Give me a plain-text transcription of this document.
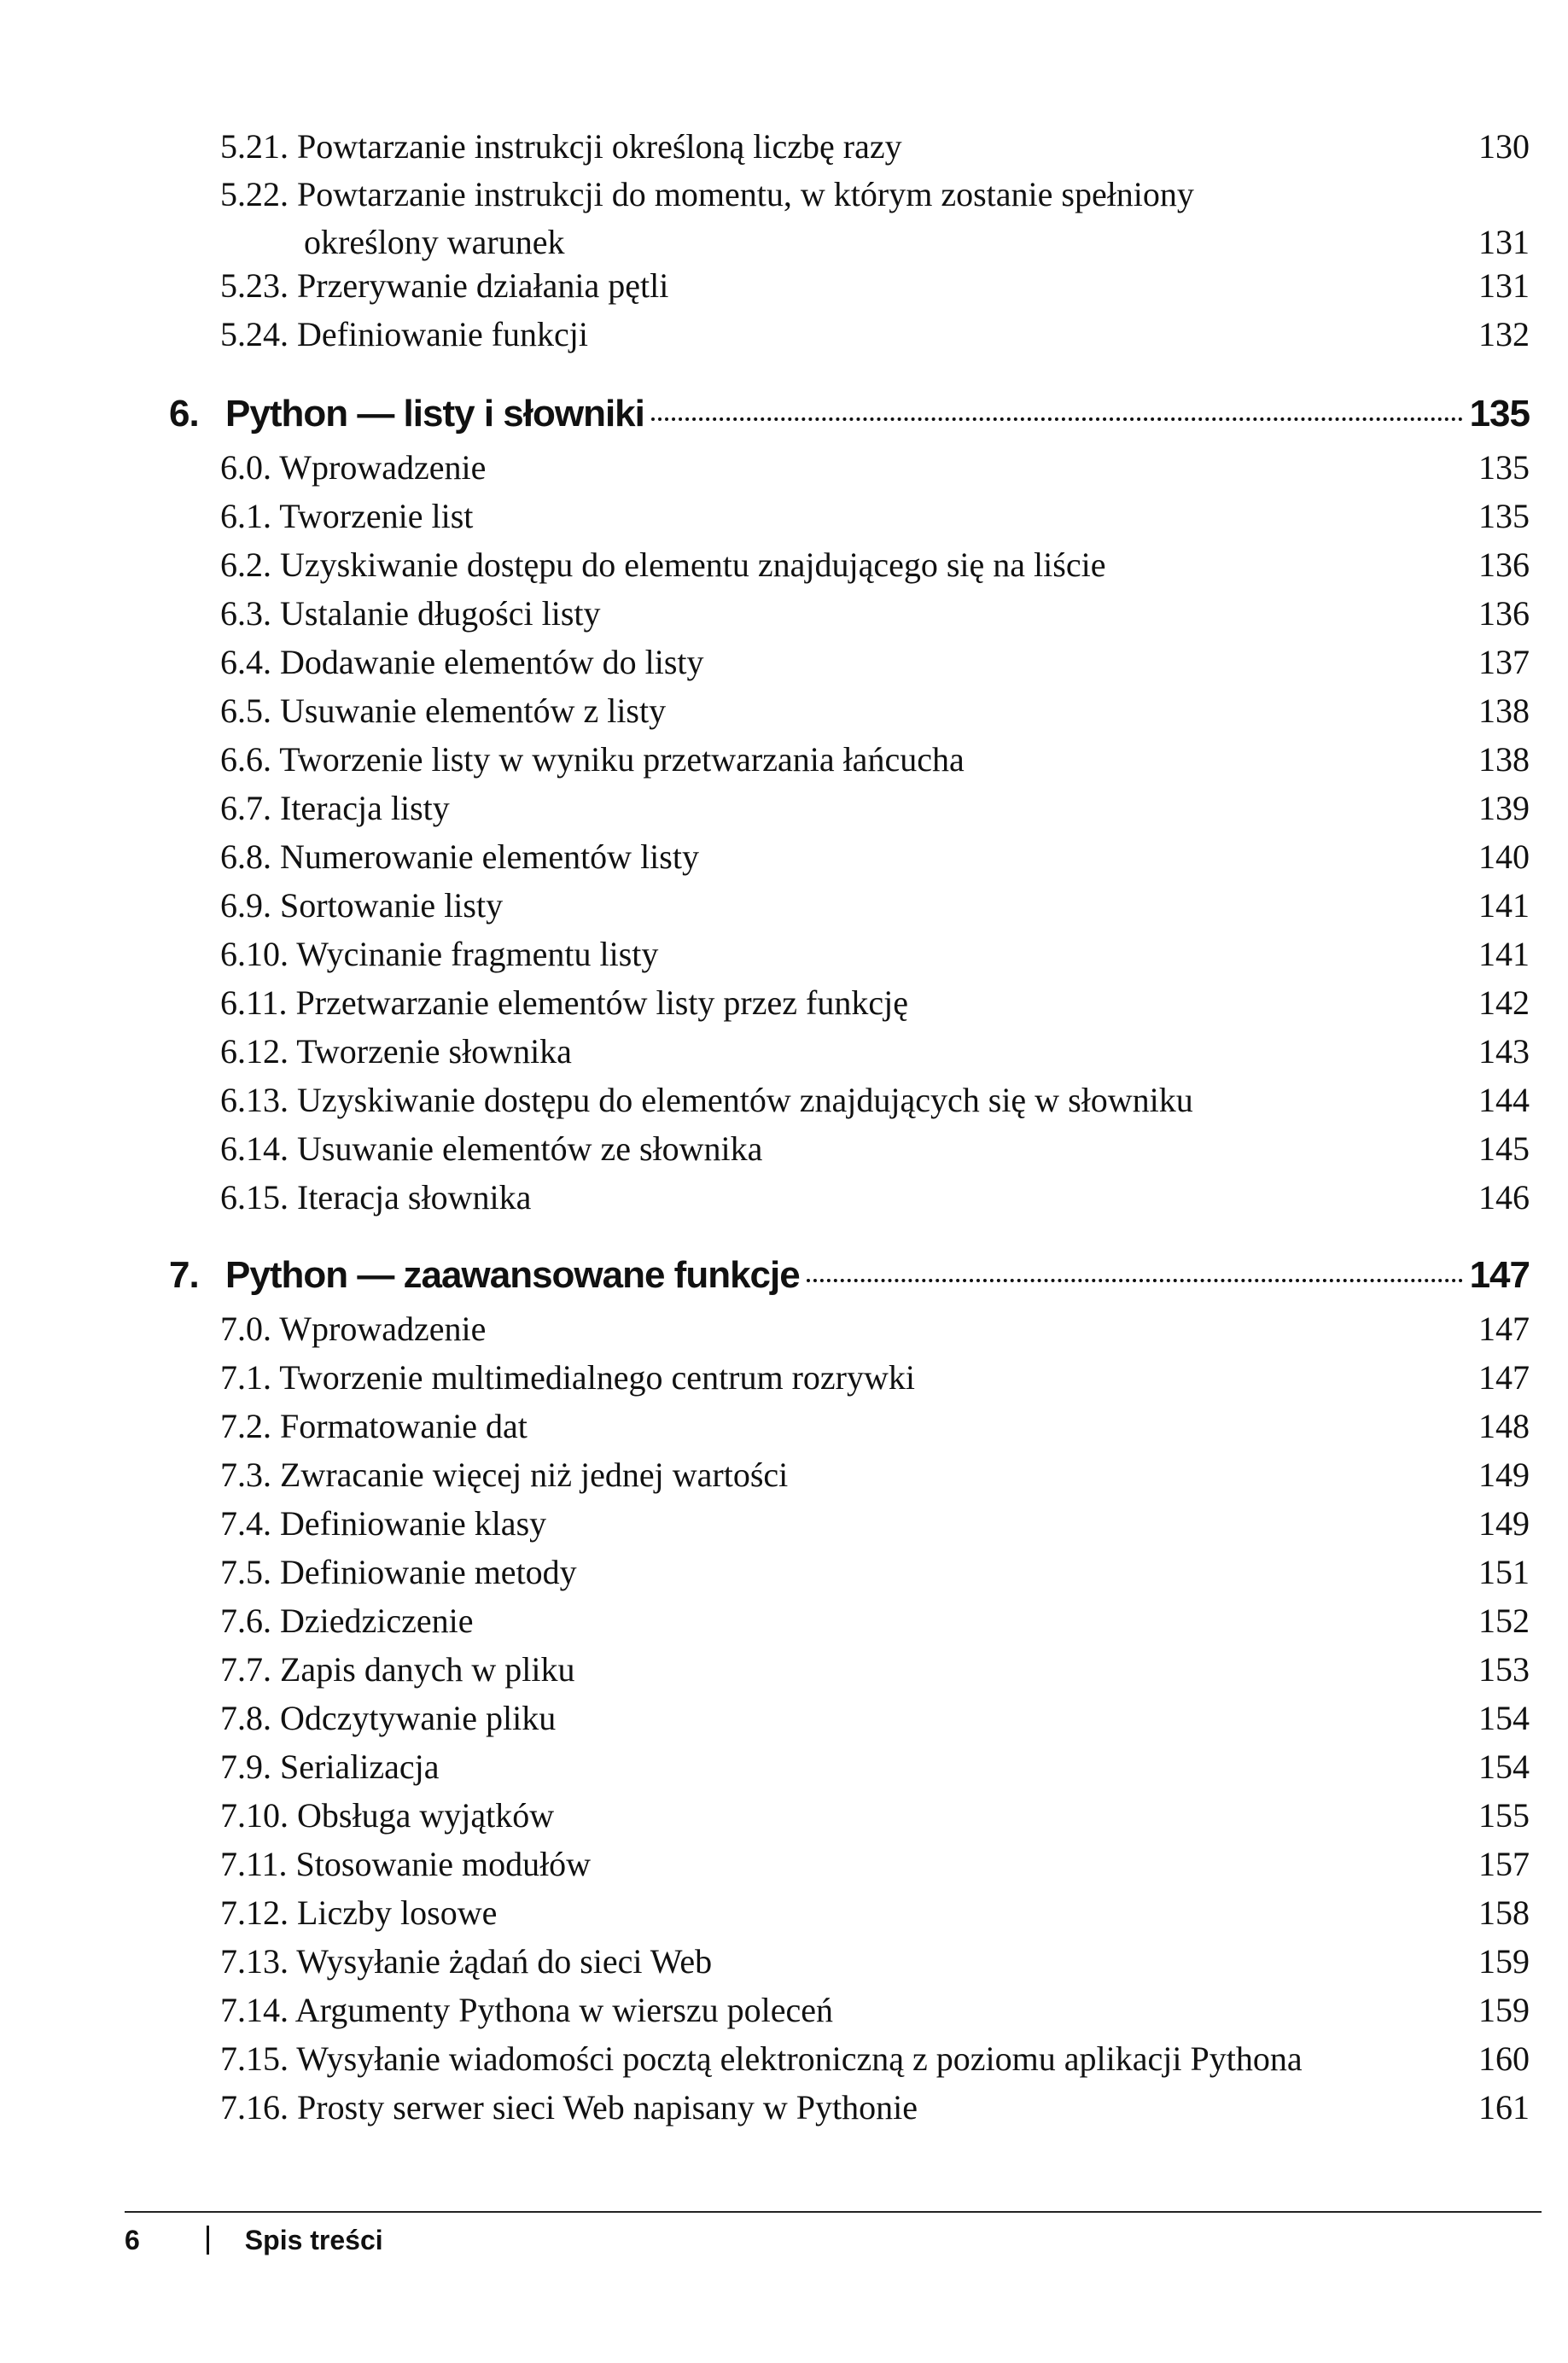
5.21. Powtarzanie instrukcji określoną liczbę razy	130
5.22. Powtarzanie instrukcji do momentu, w którym zostanie spełniony
określony warunek	131
5.23. Przerywanie działania pętli	131
5.24. Definiowanie funkcji	132
6. Python — listy i słowniki	135
6.0. Wprowadzenie	135
6.1. Tworzenie list	135
6.2. Uzyskiwanie dostępu do elementu znajdującego się na liście	136
6.3. Ustalanie długości listy	136
6.4. Dodawanie elementów do listy	137
6.5. Usuwanie elementów z listy	138
6.6. Tworzenie listy w wyniku przetwarzania łańcucha	138
6.7. Iteracja listy	139
6.8. Numerowanie elementów listy	140
6.9. Sortowanie listy	141
6.10. Wycinanie fragmentu listy	141
6.11. Przetwarzanie elementów listy przez funkcję	142
6.12. Tworzenie słownika	143
6.13. Uzyskiwanie dostępu do elementów znajdujących się w słowniku	144
6.14. Usuwanie elementów ze słownika	145
6.15. Iteracja słownika	146
7. Python — zaawansowane funkcje	147
7.0. Wprowadzenie	147
7.1. Tworzenie multimedialnego centrum rozrywki	147
7.2. Formatowanie dat	148
7.3. Zwracanie więcej niż jednej wartości	149
7.4. Definiowanie klasy	149
7.5. Definiowanie metody	151
7.6. Dziedziczenie	152
7.7. Zapis danych w pliku	153
7.8. Odczytywanie pliku	154
7.9. Serializacja	154
7.10. Obsługa wyjątków	155
7.11. Stosowanie modułów	157
7.12. Liczby losowe	158
7.13. Wysyłanie żądań do sieci Web	159
7.14. Argumenty Pythona w wierszu poleceń	159
7.15. Wysyłanie wiadomości pocztą elektroniczną z poziomu aplikacji Pythona	160
7.16. Prosty serwer sieci Web napisany w Pythonie	161
6	Spis treści
